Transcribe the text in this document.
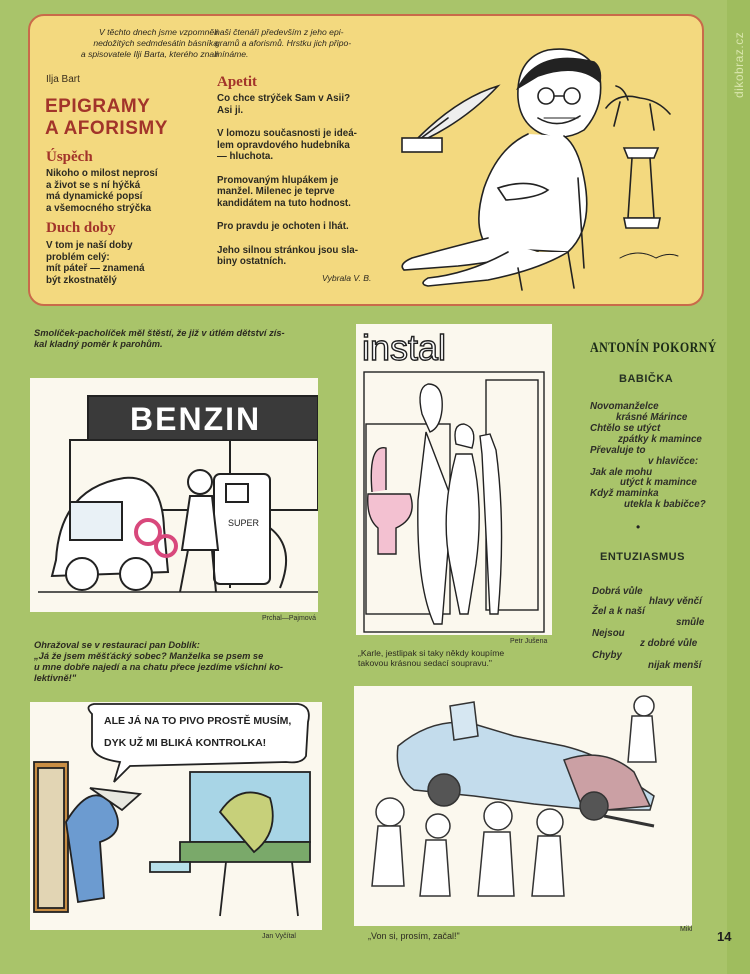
dikobraz.cz
V těchto dnech jsme vzpomněli
nedožitých sedmdesátin básníka
a spisovatele Ilji Barta, kterého znali
naši čtenáři především z jeho epi-
gramů a aforismů. Hrstku jich připo-
mínáme.
Ilja Bart
EPIGRAMY
A AFORISMY
Úspěch

Nikoho o milost neprosí
a život se s ní hýčká
má dynamické popsí
a všemocného strýčka

Duch doby

V tom je naší doby
problém celý:
mít páteř — znamená
být zkostnatělý

Apetit

Co chce strýček Sam v Asii?
Asi ji.

V lomozu současnosti je ideá-
lem opravdového hudebníka
— hluchota.

Promovaným hlupákem je
manžel. Milenec je teprve
kandidátem na tuto hodnost.

Pro pravdu je ochoten i lhát.

Jeho silnou stránkou jsou sla-
biny ostatních.

Vybrala V. B.
Smolíček-pacholíček měl štěstí, že již v útlém dětství zís-
kal kladný poměr k parohům.
BENZIN
SUPER
Prchal—Pajmová
instal
Petr Jušena
„Karle, jestlipak si taky někdy koupíme
takovou krásnou sedací soupravu."
Ohražoval se v restauraci pan Doblík:
„Já že jsem měšťácký sobec? Manželka se psem se
u mne dobře najedí a na chatu přece jezdíme všichni ko-
lektivně!"
ALE JÁ NA TO PIVO PROSTĚ MUSÍM, DYK UŽ MI BLIKÁ KONTROLKA!
Jan Vyčítal
Mikl
„Von si, prosím, začal!"
ANTONÍN POKORNÝ
BABIČKA
Novomanželce
krásné Márince
Chtělo se utýct
zpátky k mamince
Převaluje to
v hlavičce:
Jak ale mohu
utýct k mamince
Když maminka
utekla k babičce?
•
ENTUZIASMUS
Dobrá vůle
hlavy věnčí
Žel a k naší
smůle
Nejsou
z dobré vůle
Chyby
nijak menší
14
